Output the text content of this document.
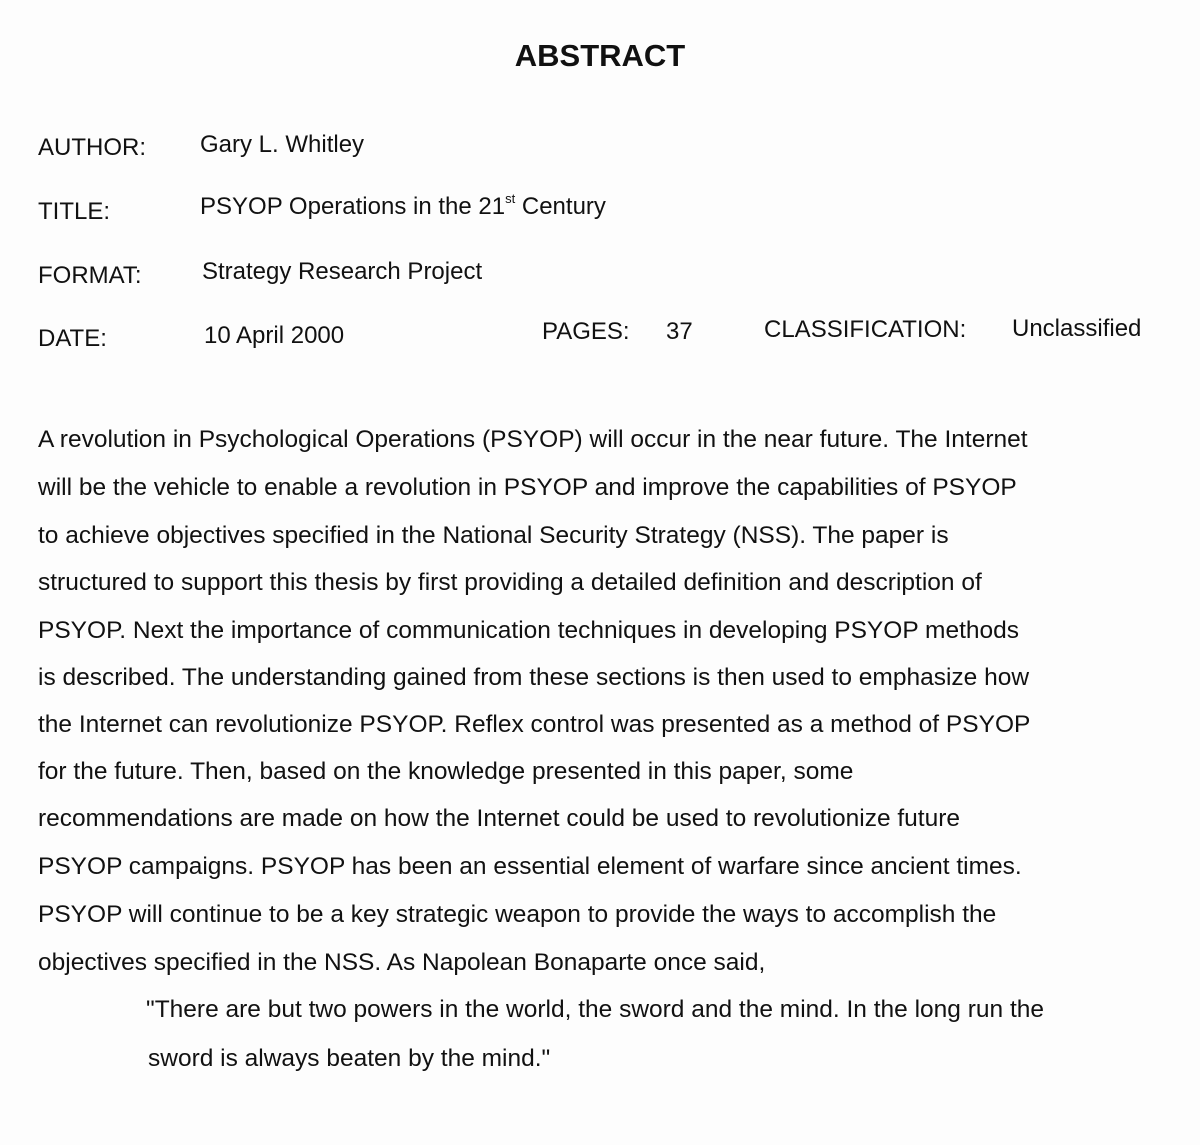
ABSTRACT
AUTHOR: Gary L. Whitley
TITLE:	PSYOP Operations in the 21st Century
FORMAT:	Strategy Research Project
DATE:	10 April 2000	PAGES: 37	CLASSIFICATION: Unclassified
A revolution in Psychological Operations (PSYOP) will occur in the near future. The Internet
will be the vehicle to enable a revolution in PSYOP and improve the capabilities of PSYOP
to achieve objectives specified in the National Security Strategy (NSS). The paper is
structured to support this thesis by first providing a detailed definition and description of
PSYOP. Next the importance of communication techniques in developing PSYOP methods
is described. The understanding gained from these sections is then used to emphasize how
the Internet can revolutionize PSYOP. Reflex control was presented as a method of PSYOP
for the future. Then, based on the knowledge presented in this paper, some
recommendations are made on how the Internet could be used to revolutionize future
PSYOP campaigns. PSYOP has been an essential element of warfare since ancient times.
PSYOP will continue to be a key strategic weapon to provide the ways to accomplish the
objectives specified in the NSS. As Napolean Bonaparte once said,
"There are but two powers in the world, the sword and the mind. In the long run the
sword is always beaten by the mind."
